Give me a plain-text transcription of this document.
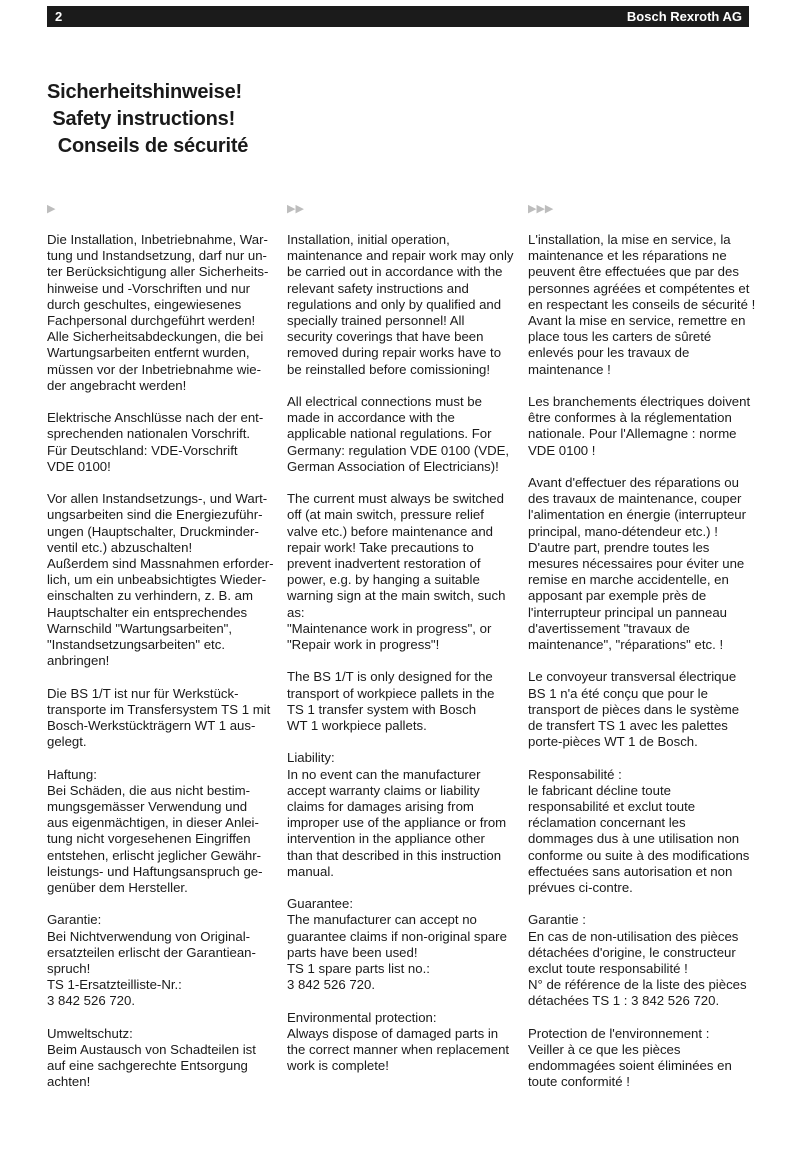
2	Bosch Rexroth AG
Sicherheitshinweise!
Safety instructions!
Conseils de sécurité
▶	▶▶	▶▶▶

Die Installation, Inbetriebnahme, War-
tung und Instandsetzung, darf nur un-
ter Berücksichtigung aller Sicherheits-
hinweise und -Vorschriften und nur
durch geschultes, eingewiesenes
Fachpersonal durchgeführt werden!
Alle Sicherheitsabdeckungen, die bei
Wartungsarbeiten entfernt wurden,
müssen vor der Inbetriebnahme wie-
der angebracht werden!

Elektrische Anschlüsse nach der ent-
sprechenden nationalen Vorschrift.
Für Deutschland: VDE-Vorschrift
VDE 0100!

Vor allen Instandsetzungs-, und Wart-
ungsarbeiten sind die Energiezuführ-
ungen (Hauptschalter, Druckminder-
ventil etc.) abzuschalten!
Außerdem sind Massnahmen erforder-
lich, um ein unbeabsichtigtes Wieder-
einschalten zu verhindern, z. B. am
Hauptschalter ein entsprechendes
Warnschild "Wartungsarbeiten",
"Instandsetzungsarbeiten" etc.
anbringen!

Die BS 1/T ist nur für Werkstück-
transporte im Transfersystem TS 1 mit
Bosch-Werkstückträgern WT 1 aus-
gelegt.

Haftung:
Bei Schäden, die aus nicht bestim-
mungsgemässer Verwendung und
aus eigenmächtigen, in dieser Anlei-
tung nicht vorgesehenen Eingriffen
entstehen, erlischt jeglicher Gewähr-
leistungs- und Haftungsanspruch ge-
genüber dem Hersteller.

Garantie:
Bei Nichtverwendung von Original-
ersatzteilen erlischt der Garantiean-
spruch!
TS 1-Ersatzteilliste-Nr.:
3 842 526 720.

Umweltschutz:
Beim Austausch von Schadteilen ist
auf eine sachgerechte Entsorgung
achten!

Installation, initial operation,
maintenance and repair work may only
be carried out in accordance with the
relevant safety instructions and
regulations and only by qualified and
specially trained personnel! All
security coverings that have been
removed during repair works have to
be reinstalled before comissioning!

All electrical connections must be
made in accordance with the
applicable national regulations. For
Germany: regulation VDE 0100 (VDE,
German Association of Electricians)!

The current must always be switched
off (at main switch, pressure relief
valve etc.) before maintenance and
repair work! Take precautions to
prevent inadvertent restoration of
power, e.g. by hanging a suitable
warning sign at the main switch, such
as:
"Maintenance work in progress", or
"Repair work in progress"!

The BS 1/T is only designed for the
transport of workpiece pallets in the
TS 1 transfer system with Bosch
WT 1 workpiece pallets.

Liability:
In no event can the manufacturer
accept warranty claims or liability
claims for damages arising from
improper use of the appliance or from
intervention in the appliance other
than that described in this instruction
manual.

Guarantee:
The manufacturer can accept no
guarantee claims if non-original spare
parts have been used!
TS 1 spare parts list no.:
3 842 526 720.

Environmental protection:
Always dispose of damaged parts in
the correct manner when replacement
work is complete!

L'installation, la mise en service, la
maintenance et les réparations ne
peuvent être effectuées que par des
personnes agréées et compétentes et
en respectant les conseils de sécurité !
Avant la mise en service, remettre en
place tous les carters de sûreté
enlevés pour les travaux de
maintenance !

Les branchements électriques doivent
être conformes à la réglementation
nationale. Pour l'Allemagne : norme
VDE 0100 !

Avant d'effectuer des réparations ou
des travaux de maintenance, couper
l'alimentation en énergie (interrupteur
principal, mano-détendeur etc.) !
D'autre part, prendre toutes les
mesures nécessaires pour éviter une
remise en marche accidentelle, en
apposant par exemple près de
l'interrupteur principal un panneau
d'avertissement "travaux de
maintenance", "réparations" etc. !

Le convoyeur transversal électrique
BS 1 n'a été conçu que pour le
transport de pièces dans le système
de transfert TS 1 avec les palettes
porte-pièces WT 1 de Bosch.

Responsabilité :
le fabricant décline toute
responsabilité et exclut toute
réclamation concernant les
dommages dus à une utilisation non
conforme ou suite à des modifications
effectuées sans autorisation et non
prévues ci-contre.

Garantie :
En cas de non-utilisation des pièces
détachées d'origine, le constructeur
exclut toute responsabilité !
N° de référence de la liste des pièces
détachées TS 1 : 3 842 526 720.

Protection de l'environnement :
Veiller à ce que les pièces
endommagées soient éliminées en
toute conformité !
